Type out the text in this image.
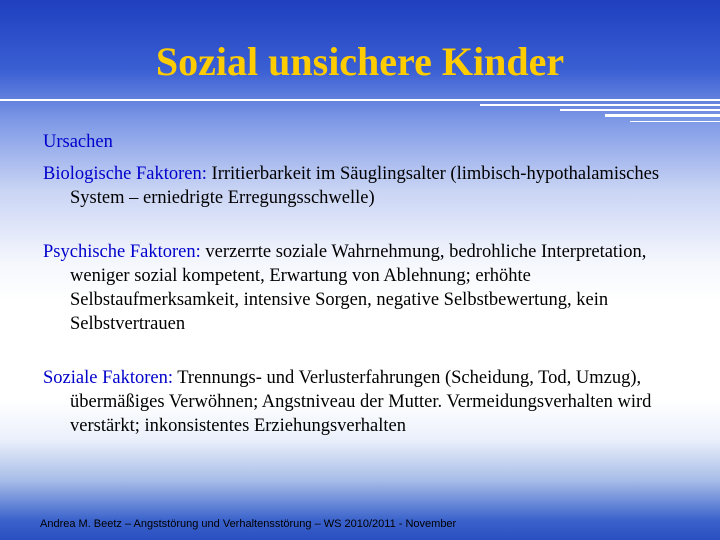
Sozial unsichere Kinder

Ursachen

Biologische Faktoren: Irritierbarkeit im Säuglingsalter (limbisch-hypothalamisches System – erniedrigte Erregungsschwelle)

Psychische Faktoren: verzerrte soziale Wahrnehmung, bedrohliche Interpretation, weniger sozial kompetent, Erwartung von Ablehnung; erhöhte Selbstaufmerksamkeit, intensive Sorgen, negative Selbstbewertung, kein Selbstvertrauen

Soziale Faktoren: Trennungs- und Verlusterfahrungen (Scheidung, Tod, Umzug), übermäßiges Verwöhnen; Angstniveau der Mutter. Vermeidungsverhalten wird verstärkt; inkonsistentes Erziehungsverhalten

Andrea M. Beetz – Angststörung und Verhaltensstörung – WS 2010/2011 - November
